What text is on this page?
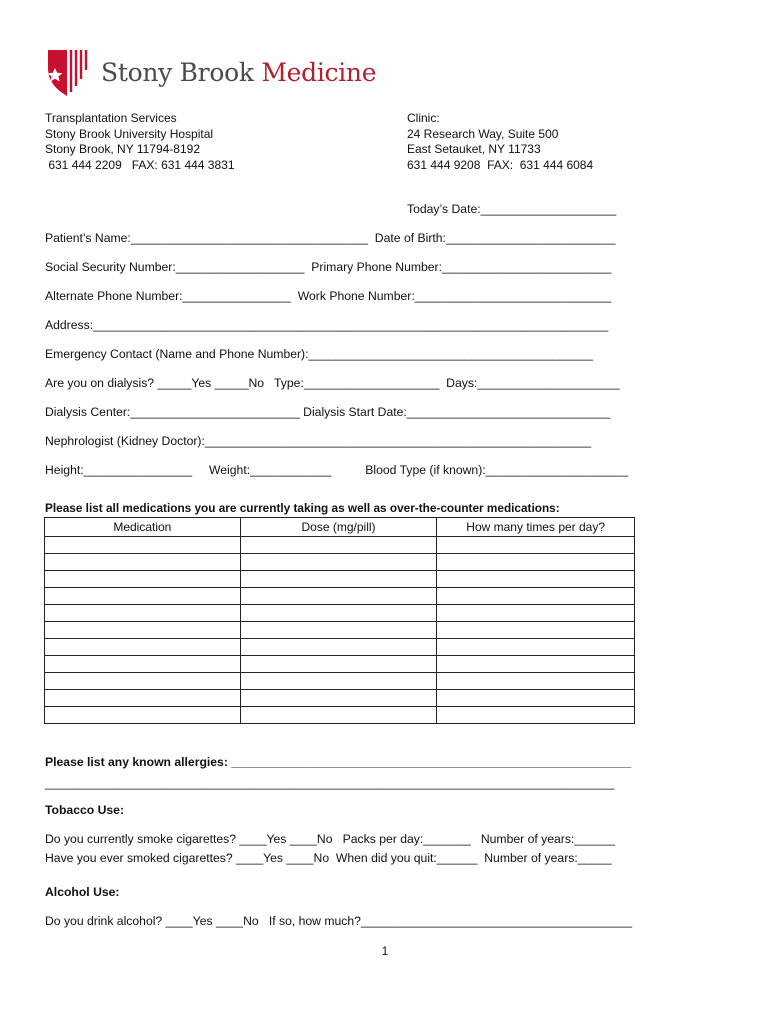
Stony Brook Medicine
Transplantation Services
Stony Brook University Hospital
Stony Brook, NY 11794-8192
631 444 2209   FAX: 631 444 3831
Clinic:
24 Research Way, Suite 500
East Setauket, NY 11733
631 444 9208  FAX:  631 444 6084
Today’s Date:____________________
Patient’s Name:___________________________________  Date of Birth:_________________________
Social Security Number:___________________  Primary Phone Number:_________________________
Alternate Phone Number:________________  Work Phone Number:_____________________________
Address:____________________________________________________________________________
Emergency Contact (Name and Phone Number):__________________________________________
Are you on dialysis? _____Yes _____No   Type:____________________  Days:_____________________
Dialysis Center:_________________________ Dialysis Start Date:______________________________
Nephrologist (Kidney Doctor):_________________________________________________________
Height:________________     Weight:____________          Blood Type (if known):_____________________
Please list all medications you are currently taking as well as over-the-counter medications:
Medication	Dose (mg/pill)	How many times per day?

Please list any known allergies: ___________________________________________________________
____________________________________________________________________________________
Tobacco Use:
Do you currently smoke cigarettes? ____Yes ____No   Packs per day:_______   Number of years:______
Have you ever smoked cigarettes? ____Yes ____No  When did you quit:______  Number of years:_____
Alcohol Use:
Do you drink alcohol? ____Yes ____No   If so, how much?________________________________________
1
